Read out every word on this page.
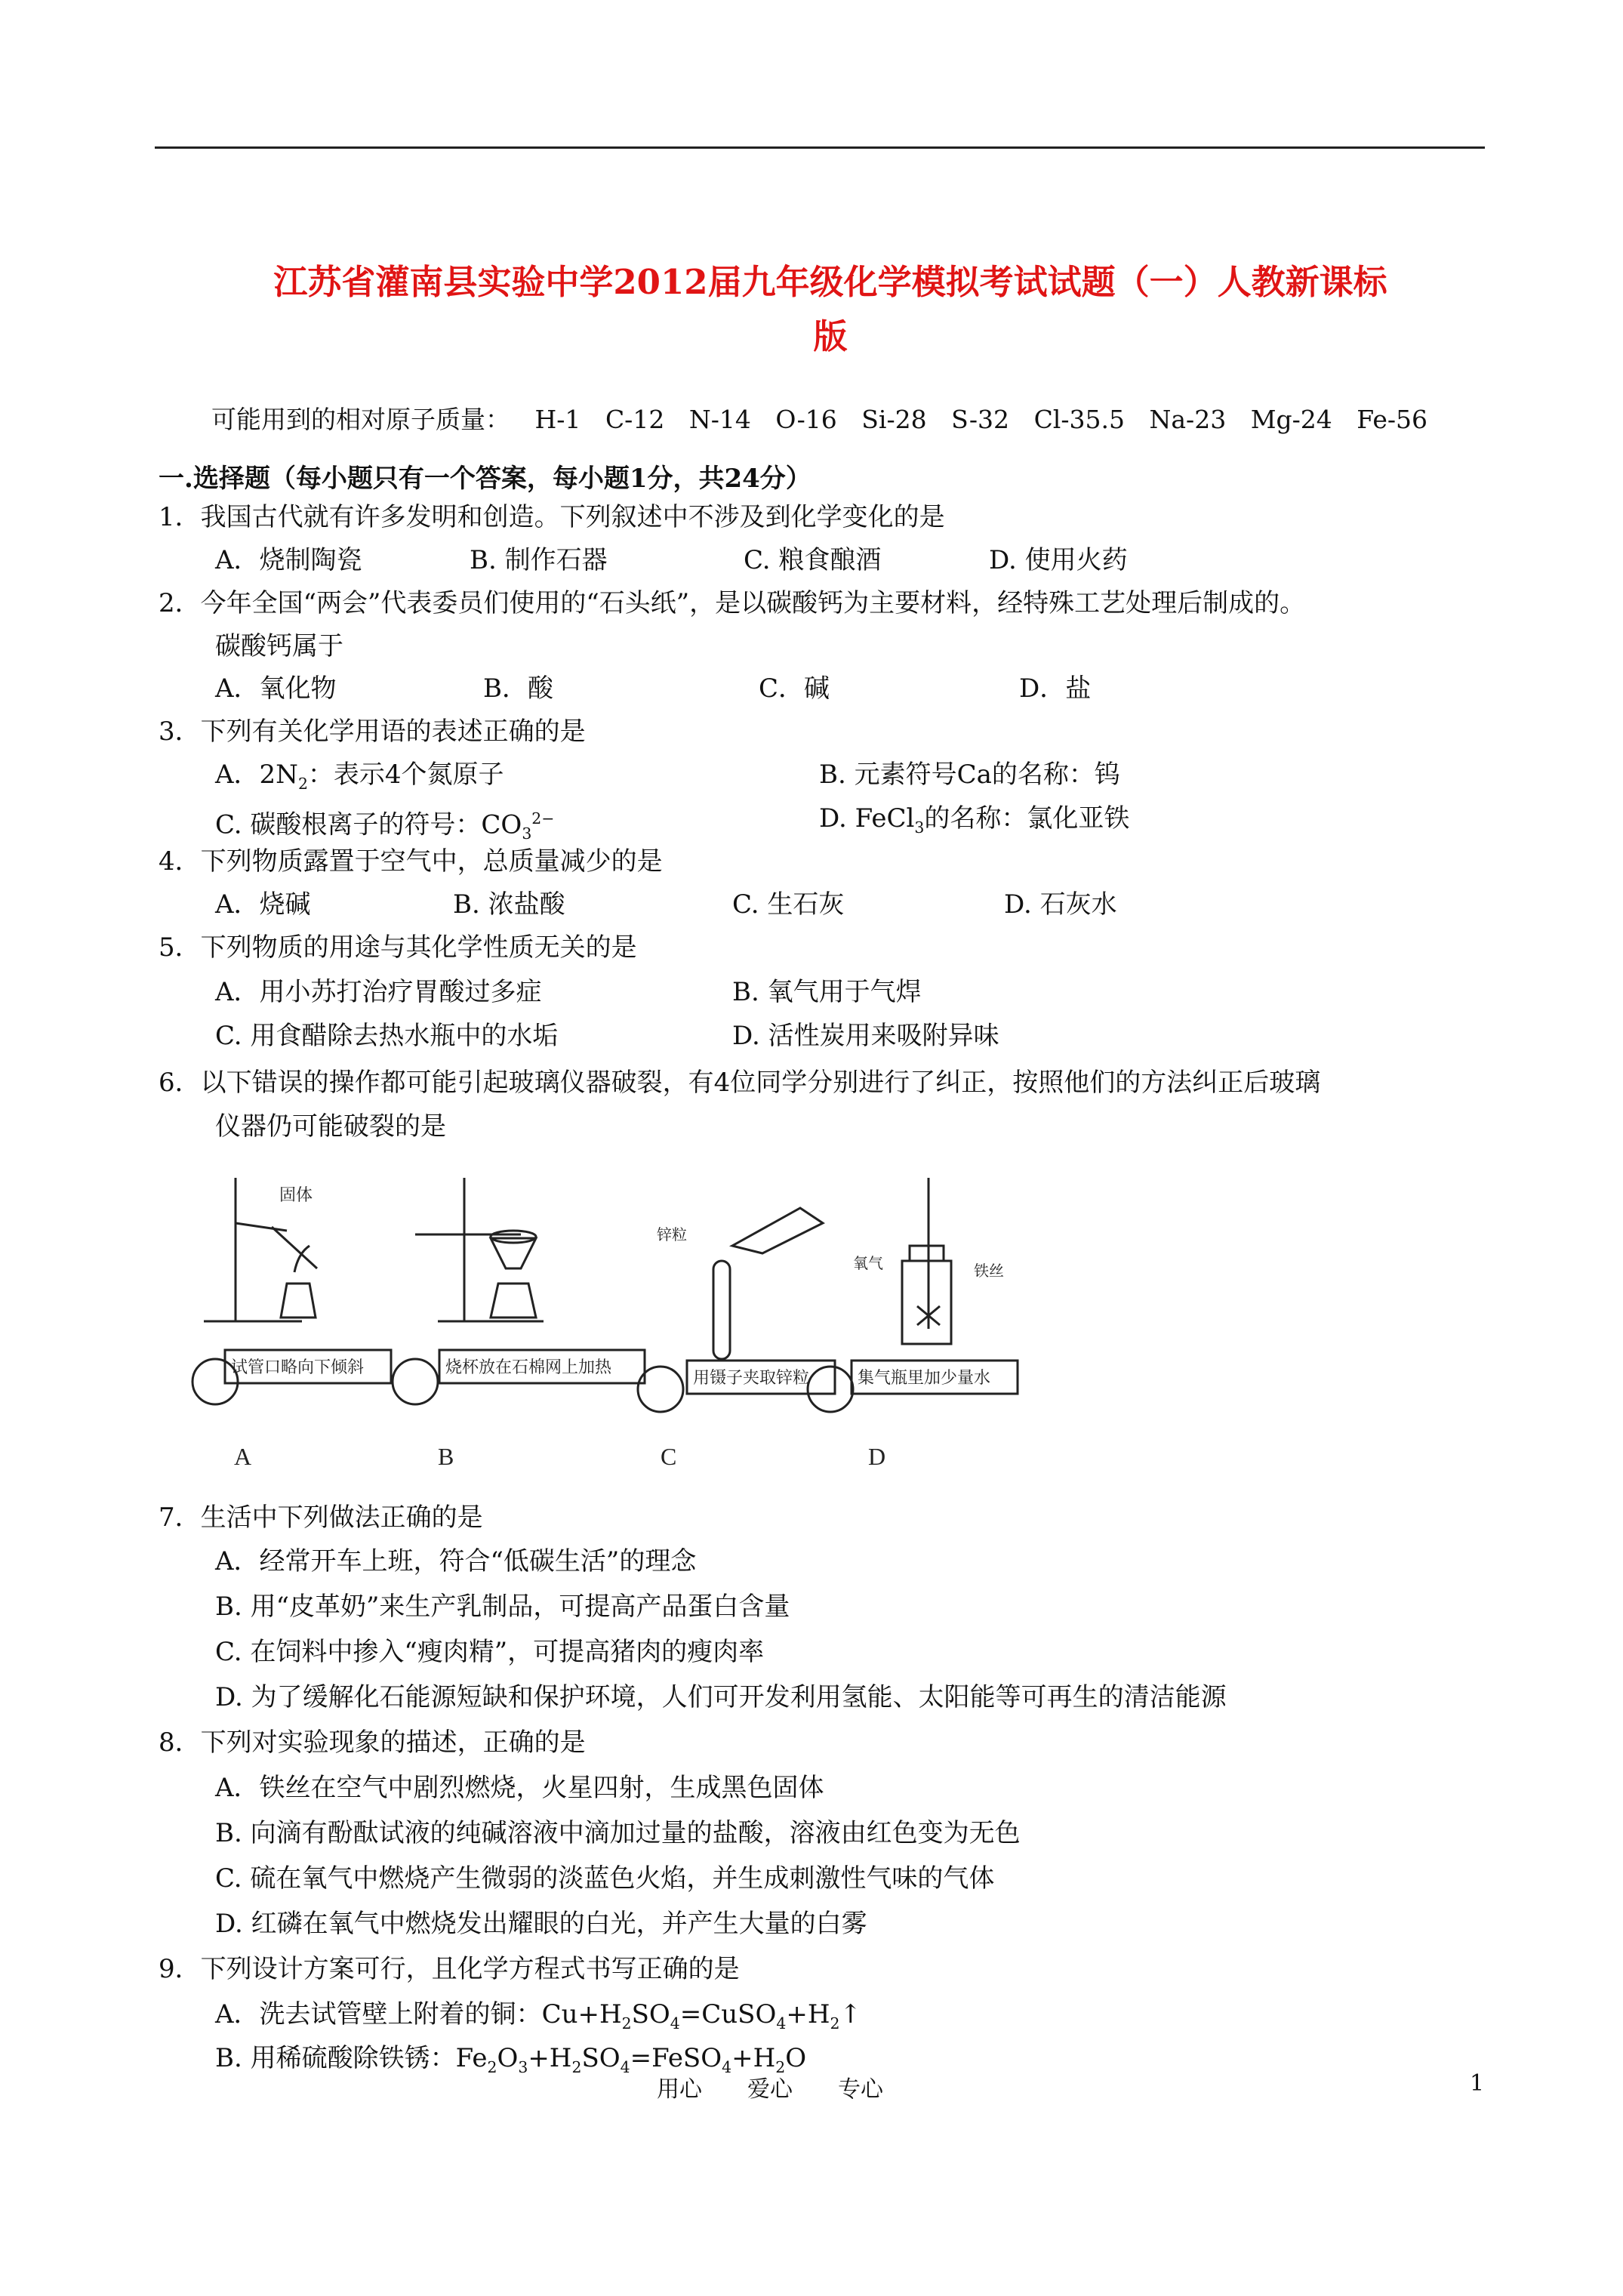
江苏省灌南县实验中学2012届九年级化学模拟考试试题（一）人教新课标
版
可能用到的相对原子质量： H-1 C-12 N-14 O-16 Si-28 S-32 Cl-35.5 Na-23 Mg-24 Fe-56
一.选择题（每小题只有一个答案，每小题1分，共24分）
1．我国古代就有许多发明和创造。下列叙述中不涉及到化学变化的是
A．烧制陶瓷	B. 制作石器	C. 粮食酿酒	D. 使用火药
2．今年全国“两会”代表委员们使用的“石头纸”，是以碳酸钙为主要材料，经特殊工艺处理后制成的。
碳酸钙属于
A．氧化物	B．酸	C．碱	D．盐
3．下列有关化学用语的表述正确的是
A．$2N_2$：表示4个氮原子	B. 元素符号Ca的名称：钨
C. 碳酸根离子的符号：$CO_3^{2-}$	D. FeCl$_3$的名称：氯化亚铁
4．下列物质露置于空气中，总质量减少的是
A．烧碱	B. 浓盐酸	C. 生石灰	D. 石灰水
5．下列物质的用途与其化学性质无关的是
A．用小苏打治疗胃酸过多症	B. 氧气用于气焊
C. 用食醋除去热水瓶中的水垢	D. 活性炭用来吸附异味
6．以下错误的操作都可能引起玻璃仪器破裂，有4位同学分别进行了纠正，按照他们的方法纠正后玻璃
仪器仍可能破裂的是
固体
锌粒
氧气	铁丝
试管口略向下倾斜	烧杯放在石棉网上加热
用镊子夹取锌粒	集气瓶里加少量水
A	B	C	D
7．生活中下列做法正确的是
A．经常开车上班，符合“低碳生活”的理念
B. 用“皮革奶”来生产乳制品，可提高产品蛋白含量
C. 在饲料中掺入“瘦肉精”，可提高猪肉的瘦肉率
D. 为了缓解化石能源短缺和保护环境，人们可开发利用氢能、太阳能等可再生的清洁能源
8．下列对实验现象的描述，正确的是
A．铁丝在空气中剧烈燃烧，火星四射，生成黑色固体
B. 向滴有酚酞试液的纯碱溶液中滴加过量的盐酸，溶液由红色变为无色
C. 硫在氧气中燃烧产生微弱的淡蓝色火焰，并生成刺激性气味的气体
D. 红磷在氧气中燃烧发出耀眼的白光，并产生大量的白雾
9．下列设计方案可行，且化学方程式书写正确的是
A．洗去试管壁上附着的铜：$Cu+H_2SO_4=CuSO_4+H_2↑$
B. 用稀硫酸除铁锈：$Fe_2O_3+H_2SO_4=FeSO_4+H_2O$
用心　　爱心　　专心	1
